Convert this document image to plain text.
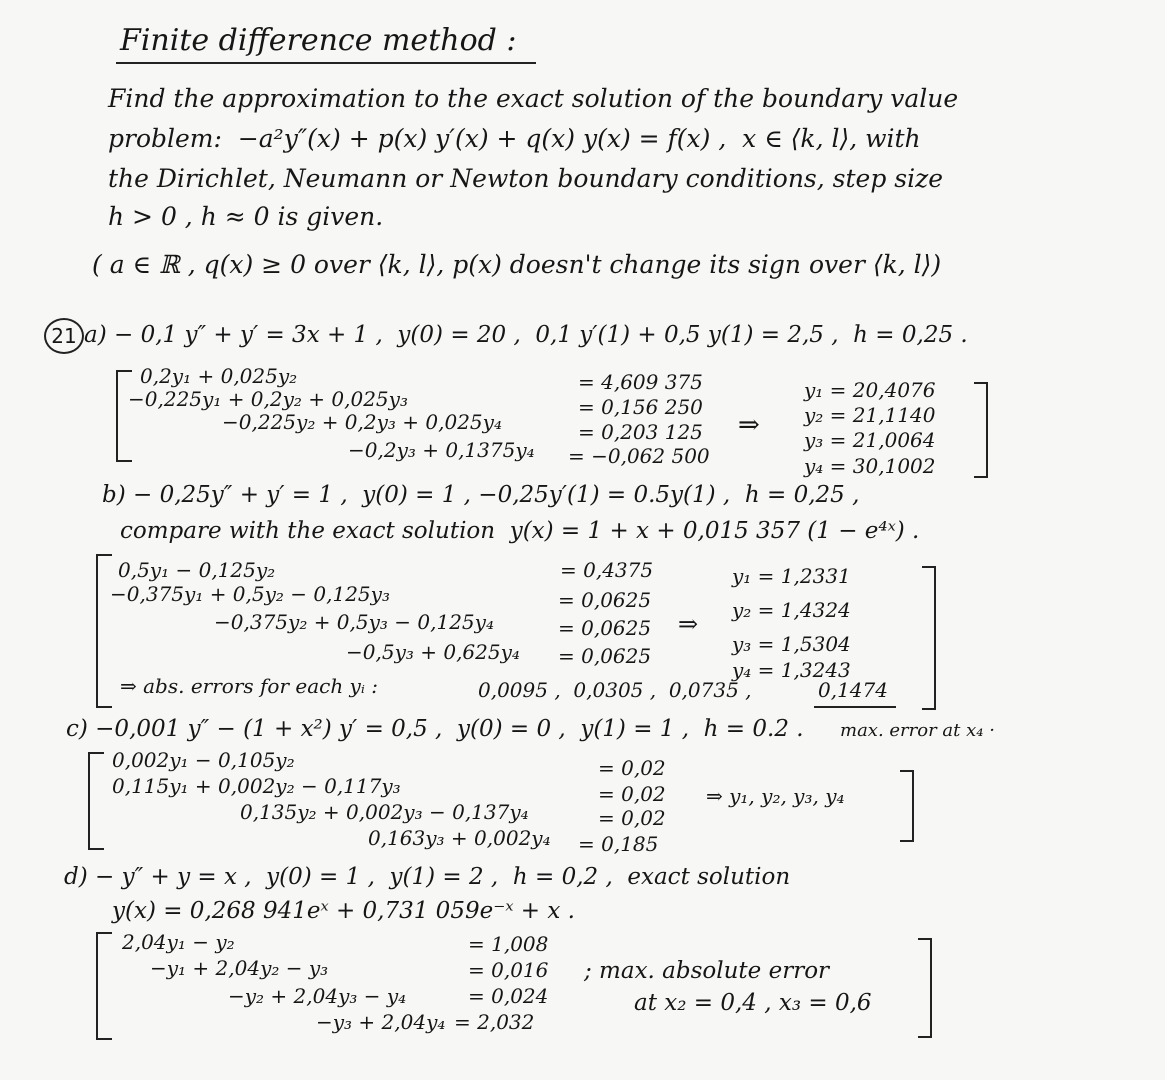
Finite difference method :
Find the approximation to the exact solution of the boundary value
problem:  −a²y″(x) + p(x) y′(x) + q(x) y(x) = f(x) ,  x ∈ ⟨k, l⟩, with
the Dirichlet, Neumann or Newton boundary conditions, step size
h > 0 , h ≈ 0 is given.
( a ∈ ℝ , q(x) ≥ 0 over ⟨k, l⟩, p(x) doesn't change its sign over ⟨k, l⟩)
21 a) − 0,1 y″ + y′ = 3x + 1 ,  y(0) = 20 ,  0,1 y′(1) + 0,5 y(1) = 2,5 ,  h = 0,25 .
0,2y₁ + 0,025y₂
−0,225y₁ + 0,2y₂ + 0,025y₃
−0,225y₂ + 0,2y₃ + 0,025y₄
−0,2y₃ + 0,1375y₄
= 4,609 375
= 0,156 250
= 0,203 125
= −0,062 500
⇒
y₁ = 20,4076
y₂ = 21,1140
y₃ = 21,0064
y₄ = 30,1002
b) − 0,25y″ + y′ = 1 ,  y(0) = 1 , −0,25y′(1) = 0.5y(1) ,  h = 0,25 ,
compare with the exact solution  y(x) = 1 + x + 0,015 357 (1 − e⁴ˣ) .
0,5y₁ − 0,125y₂
−0,375y₁ + 0,5y₂ − 0,125y₃
−0,375y₂ + 0,5y₃ − 0,125y₄
−0,5y₃ + 0,625y₄
= 0,4375
= 0,0625
= 0,0625
= 0,0625
⇒
y₁ = 1,2331
y₂ = 1,4324
y₃ = 1,5304
y₄ = 1,3243
⇒ abs. errors for each yᵢ :	0,0095 ,  0,0305 ,  0,0735 ,	0,1474
max. error at x₄ ·
c) −0,001 y″ − (1 + x²) y′ = 0,5 ,  y(0) = 0 ,  y(1) = 1 ,  h = 0.2 .
0,002y₁ − 0,105y₂
0,115y₁ + 0,002y₂ − 0,117y₃
0,135y₂ + 0,002y₃ − 0,137y₄
0,163y₃ + 0,002y₄
= 0,02
= 0,02
= 0,02
= 0,185
⇒ y₁, y₂, y₃, y₄
d) − y″ + y = x ,  y(0) = 1 ,  y(1) = 2 ,  h = 0,2 ,  exact solution
y(x) = 0,268 941eˣ + 0,731 059e⁻ˣ + x .
2,04y₁ − y₂
−y₁ + 2,04y₂ − y₃
−y₂ + 2,04y₃ − y₄
−y₃ + 2,04y₄
= 1,008
= 0,016
= 0,024
= 2,032
; max. absolute error
at x₂ = 0,4 , x₃ = 0,6
